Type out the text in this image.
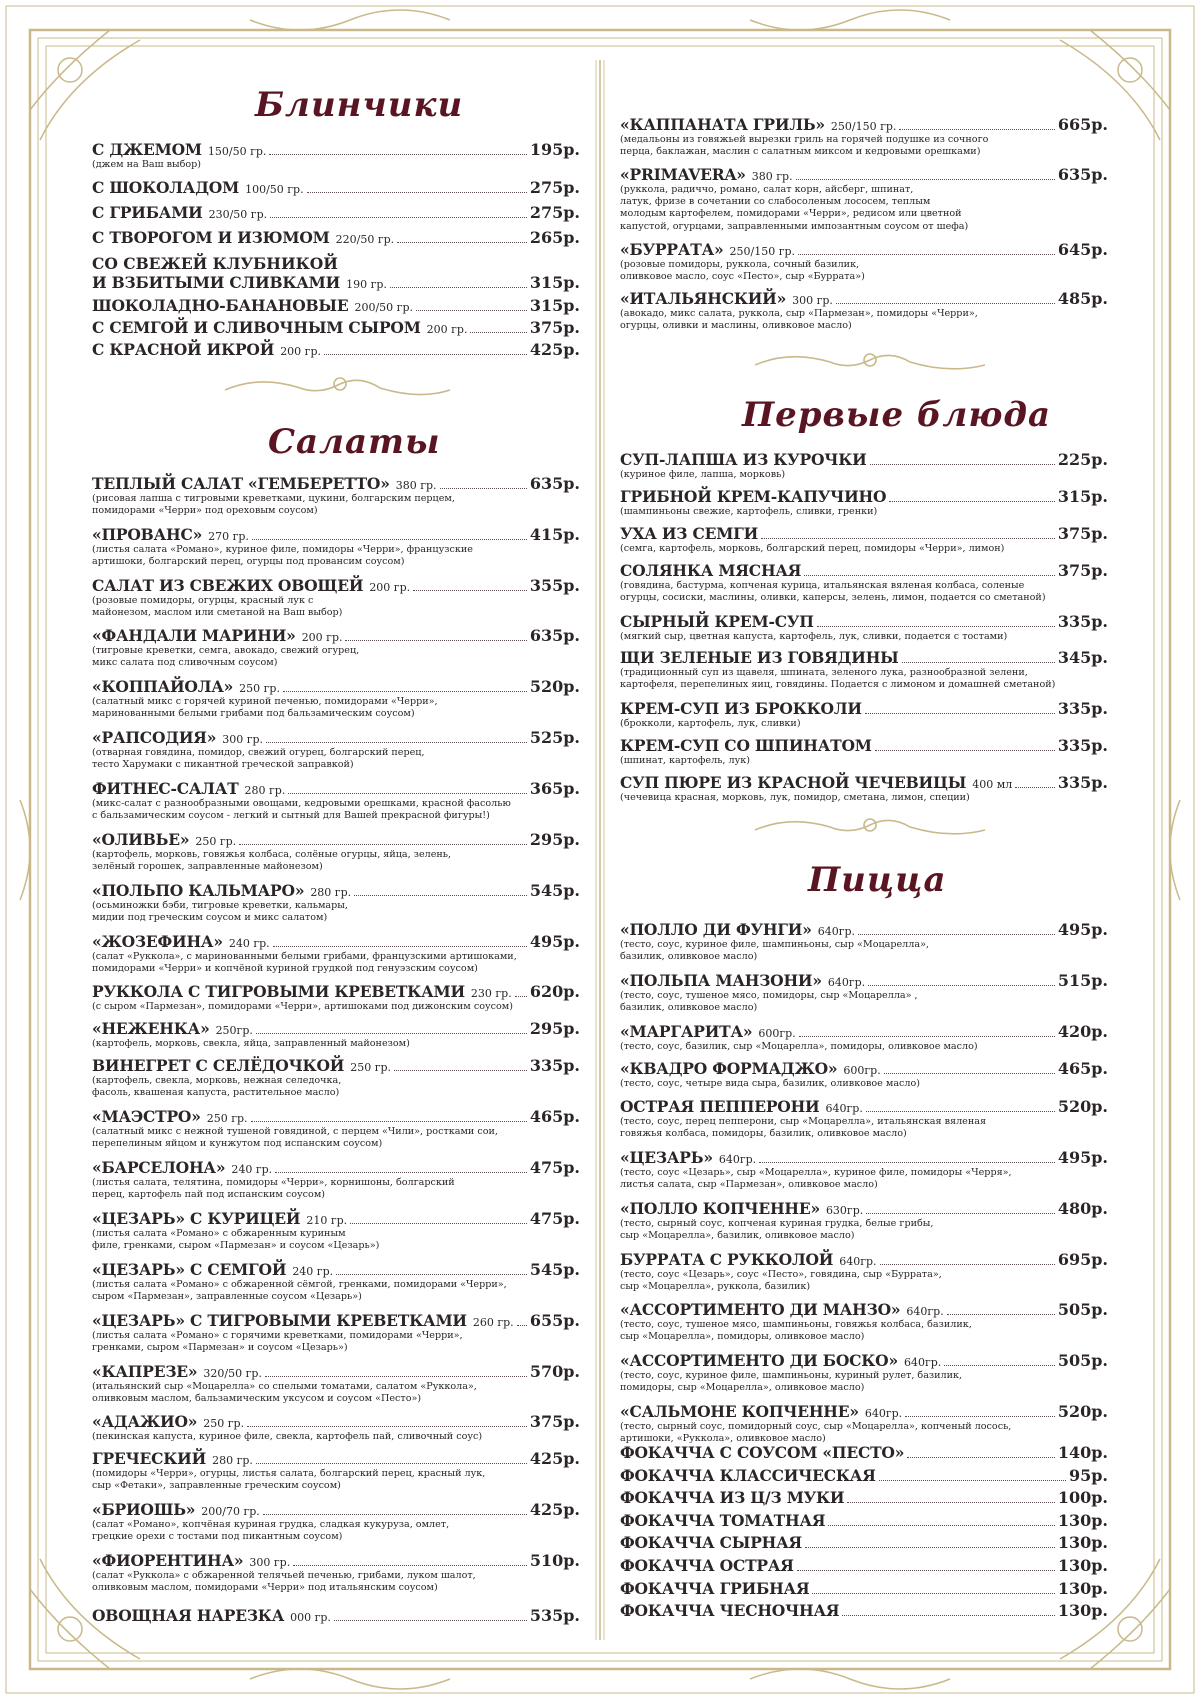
Блинчики
С ДЖЕМОМ 150/50 гр.	195р.
(джем на Ваш выбор)
С ШОКОЛАДОМ 100/50 гр.	275р.
С ГРИБАМИ 230/50 гр.	275р.
С ТВОРОГОМ И ИЗЮМОМ 220/50 гр.	265р.
СО СВЕЖЕЙ КЛУБНИКОЙ
И ВЗБИТЫМИ СЛИВКАМИ 190 гр.	315р.
ШОКОЛАДНО-БАНАНОВЫЕ 200/50 гр.	315р.
С СЕМГОЙ И СЛИВОЧНЫМ СЫРОМ 200 гр.	375р.
С КРАСНОЙ ИКРОЙ 200 гр.	425р.
Салаты
ТЕПЛЫЙ САЛАТ «ГЕМБЕРЕТТО» 380 гр.	635р.
(рисовая лапша с тигровыми креветками, цукини, болгарским перцем,
помидорами «Черри» под ореховым соусом)
«ПРОВАНС» 270 гр.	415р.
(листья салата «Романо», куриное филе, помидоры «Черри», французские
артишоки, болгарский перец, огурцы под провансим соусом)
САЛАТ ИЗ СВЕЖИХ ОВОЩЕЙ 200 гр.	355р.
(розовые помидоры, огурцы, красный лук с
майонезом, маслом или сметаной на Ваш выбор)
«ФАНДАЛИ МАРИНИ» 200 гр.	635р.
(тигровые креветки, семга, авокадо, свежий огурец,
микс салата под сливочным соусом)
«КОППАЙОЛА» 250 гр.	520р.
(салатный микс с горячей куриной печенью, помидорами «Черри»,
маринованными белыми грибами под бальзамическим соусом)
«РАПСОДИЯ» 300 гр.	525р.
(отварная говядина, помидор, свежий огурец, болгарский перец,
тесто Харумаки с пикантной греческой заправкой)
ФИТНЕС-САЛАТ 280 гр.	365р.
(микс-салат с разнообразными овощами, кедровыми орешками, красной фасолью
с бальзамическим соусом - легкий и сытный для Вашей прекрасной фигуры!)
«ОЛИВЬЕ» 250 гр.	295р.
(картофель, морковь, говяжья колбаса, солёные огурцы, яйца, зелень,
зелёный горошек, заправленные майонезом)
«ПОЛЬПО КАЛЬМАРО» 280 гр.	545р.
(осьминожки бэби, тигровые креветки, кальмары,
мидии под греческим соусом и микс салатом)
«ЖОЗЕФИНА» 240 гр.	495р.
(салат «Руккола», с маринованными белыми грибами, французскими артишоками,
помидорами «Черри» и копчёной куриной грудкой под генуэзским соусом)
РУККОЛА С ТИГРОВЫМИ КРЕВЕТКАМИ 230 гр. 620р.
(с сыром «Пармезан», помидорами «Черри», артишоками под дижонским соусом)
«НЕЖЕНКА» 250гр.	295р.
(картофель, морковь, свекла, яйца, заправленный майонезом)
ВИНЕГРЕТ С СЕЛЁДОЧКОЙ 250 гр.	335р.
(картофель, свекла, морковь, нежная селедочка,
фасоль, квашеная капуста, растительное масло)
«МАЭСТРО» 250 гр.	465р.
(салатный микс с нежной тушеной говядиной, с перцем «Чили», ростками сои,
перепелиным яйцом и кунжутом под испанским соусом)
«БАРСЕЛОНА» 240 гр.	475р.
(листья салата, телятина, помидоры «Черри», корнишоны, болгарский
перец, картофель пай под испанским соусом)
«ЦЕЗАРЬ» С КУРИЦЕЙ 210 гр.	475р.
(листья салата «Романо» с обжаренным куриным
филе, гренками, сыром «Пармезан» и соусом «Цезарь»)
«ЦЕЗАРЬ» С СЕМГОЙ 240 гр.	545р.
(листья салата «Романо» с обжаренной сёмгой, гренками, помидорами «Черри»,
сыром «Пармезан», заправленные соусом «Цезарь»)
«ЦЕЗАРЬ» С ТИГРОВЫМИ КРЕВЕТКАМИ 260 гр. 655р.
(листья салата «Романо» с горячими креветками, помидорами «Черри»,
гренками, сыром «Пармезан» и соусом «Цезарь»)
«КАПРЕЗЕ» 320/50 гр.	570р.
(итальянский сыр «Моцарелла» со спелыми томатами, салатом «Руккола»,
оливковым маслом, бальзамическим уксусом и соусом «Песто»)
«АДАЖИО» 250 гр.	375р.
(пекинская капуста, куриное филе, свекла, картофель пай, сливочный соус)
ГРЕЧЕСКИЙ 280 гр.	425р.
(помидоры «Черри», огурцы, листья салата, болгарский перец, красный лук,
сыр «Фетаки», заправленные греческим соусом)
«БРИОШЬ» 200/70 гр.	425р.
(салат «Романо», копчёная куриная грудка, сладкая кукуруза, омлет,
грецкие орехи с тостами под пикантным соусом)
«ФИОРЕНТИНА» 300 гр.	510р.
(салат «Руккола» с обжаренной телячьей печенью, грибами, луком шалот,
оливковым маслом, помидорами «Черри» под итальянским соусом)
ОВОЩНАЯ НАРЕЗКА 000 гр.	535р.
«КАППАНАТА ГРИЛЬ» 250/150 гр.	665р.
(медальоны из говяжьей вырезки гриль на горячей подушке из сочного
перца, баклажан, маслин с салатным миксом и кедровыми орешками)
«PRIMAVERA» 380 гр.	635р.
(руккола, радиччо, романо, салат корн, айсберг, шпинат,
латук, фризе в сочетании со слабосоленым лососем, теплым
молодым картофелем, помидорами «Черри», редисом или цветной
капустой, огурцами, заправленными импозантным соусом от шефа)
«БУРРАТА» 250/150 гр.	645р.
(розовые помидоры, руккола, сочный базилик,
оливковое масло, соус «Песто», сыр «Буррата»)
«ИТАЛЬЯНСКИЙ» 300 гр.	485р.
(авокадо, микс салата, руккола, сыр «Пармезан», помидоры «Черри»,
огурцы, оливки и маслины, оливковое масло)
Первые блюда
СУП-ЛАПША ИЗ КУРОЧКИ	225р.
(куриное филе, лапша, морковь)
ГРИБНОЙ КРЕМ-КАПУЧИНО	315р.
(шампиньоны свежие, картофель, сливки, гренки)
УХА ИЗ СЕМГИ	375р.
(семга, картофель, морковь, болгарский перец, помидоры «Черри», лимон)
СОЛЯНКА МЯСНАЯ	375р.
(говядина, бастурма, копченая курица, итальянская вяленая колбаса, соленые
огурцы, сосиски, маслины, оливки, каперсы, зелень, лимон, подается со сметаной)
СЫРНЫЙ КРЕМ-СУП	335р.
(мягкий сыр, цветная капуста, картофель, лук, сливки, подается с тостами)
ЩИ ЗЕЛЕНЫЕ ИЗ ГОВЯДИНЫ	345р.
(традиционный суп из щавеля, шпината, зеленого лука, разнообразной зелени,
картофеля, перепелиных яиц, говядины. Подается с лимоном и домашней сметаной)
КРЕМ-СУП ИЗ БРОККОЛИ	335р.
(брокколи, картофель, лук, сливки)
КРЕМ-СУП СО ШПИНАТОМ	335р.
(шпинат, картофель, лук)
СУП ПЮРЕ ИЗ КРАСНОЙ ЧЕЧЕВИЦЫ 400 мл	335р.
(чечевица красная, морковь, лук, помидор, сметана, лимон, специи)
Пицца
«ПОЛЛО ДИ ФУНГИ» 640гр.	495р.
(тесто, соус, куриное филе, шампиньоны, сыр «Моцарелла»,
базилик, оливковое масло)
«ПОЛЬПА МАНЗОНИ» 640гр.	515р.
(тесто, соус, тушеное мясо, помидоры, сыр «Моцарелла» ,
базилик, оливковое масло)
«МАРГАРИТА» 600гр.	420р.
(тесто, соус, базилик, сыр «Моцарелла», помидоры, оливковое масло)
«КВАДРО ФОРМАДЖО» 600гр.	465р.
(тесто, соус, четыре вида сыра, базилик, оливковое масло)
ОСТРАЯ ПЕППЕРОНИ 640гр.	520р.
(тесто, соус, перец пепперони, сыр «Моцарелла», итальянская вяленая
говяжья колбаса, помидоры, базилик, оливковое масло)
«ЦЕЗАРЬ» 640гр.	495р.
(тесто, соус «Цезарь», сыр «Моцарелла», куриное филе, помидоры «Черря»,
листья салата, сыр «Пармезан», оливковое масло)
«ПОЛЛО КОПЧЕННЕ» 630гр.	480р.
(тесто, сырный соус, копченая куриная грудка, белые грибы,
сыр «Моцарелла», базилик, оливковое масло)
БУРРАТА С РУККОЛОЙ 640гр.	695р.
(тесто, соус «Цезарь», соус «Песто», говядина, сыр «Буррата»,
сыр «Моцарелла», руккола, базилик)
«АССОРТИМЕНТО ДИ МАНЗО» 640гр.	505р.
(тесто, соус, тушеное мясо, шампиньоны, говяжья колбаса, базилик,
сыр «Моцарелла», помидоры, оливковое масло)
«АССОРТИМЕНТО ДИ БОСКО» 640гр.	505р.
(тесто, соус, куриное филе, шампиньоны, куриный рулет, базилик,
помидоры, сыр «Моцарелла», оливковое масло)
«САЛЬМОНЕ КОПЧЕННЕ» 640гр.	520р.
(тесто, сырный соус, помидорный соус, сыр «Моцарелла», копченый лосось,
артишоки, «Руккола», оливковое масло)
ФОКАЧЧА С СОУСОМ «ПЕСТО»	140р.
ФОКАЧЧА КЛАССИЧЕСКАЯ	95р.
ФОКАЧЧА ИЗ Ц/З МУКИ	100р.
ФОКАЧЧА ТОМАТНАЯ	130р.
ФОКАЧЧА СЫРНАЯ	130р.
ФОКАЧЧА ОСТРАЯ	130р.
ФОКАЧЧА ГРИБНАЯ	130р.
ФОКАЧЧА ЧЕСНОЧНАЯ	130р.
